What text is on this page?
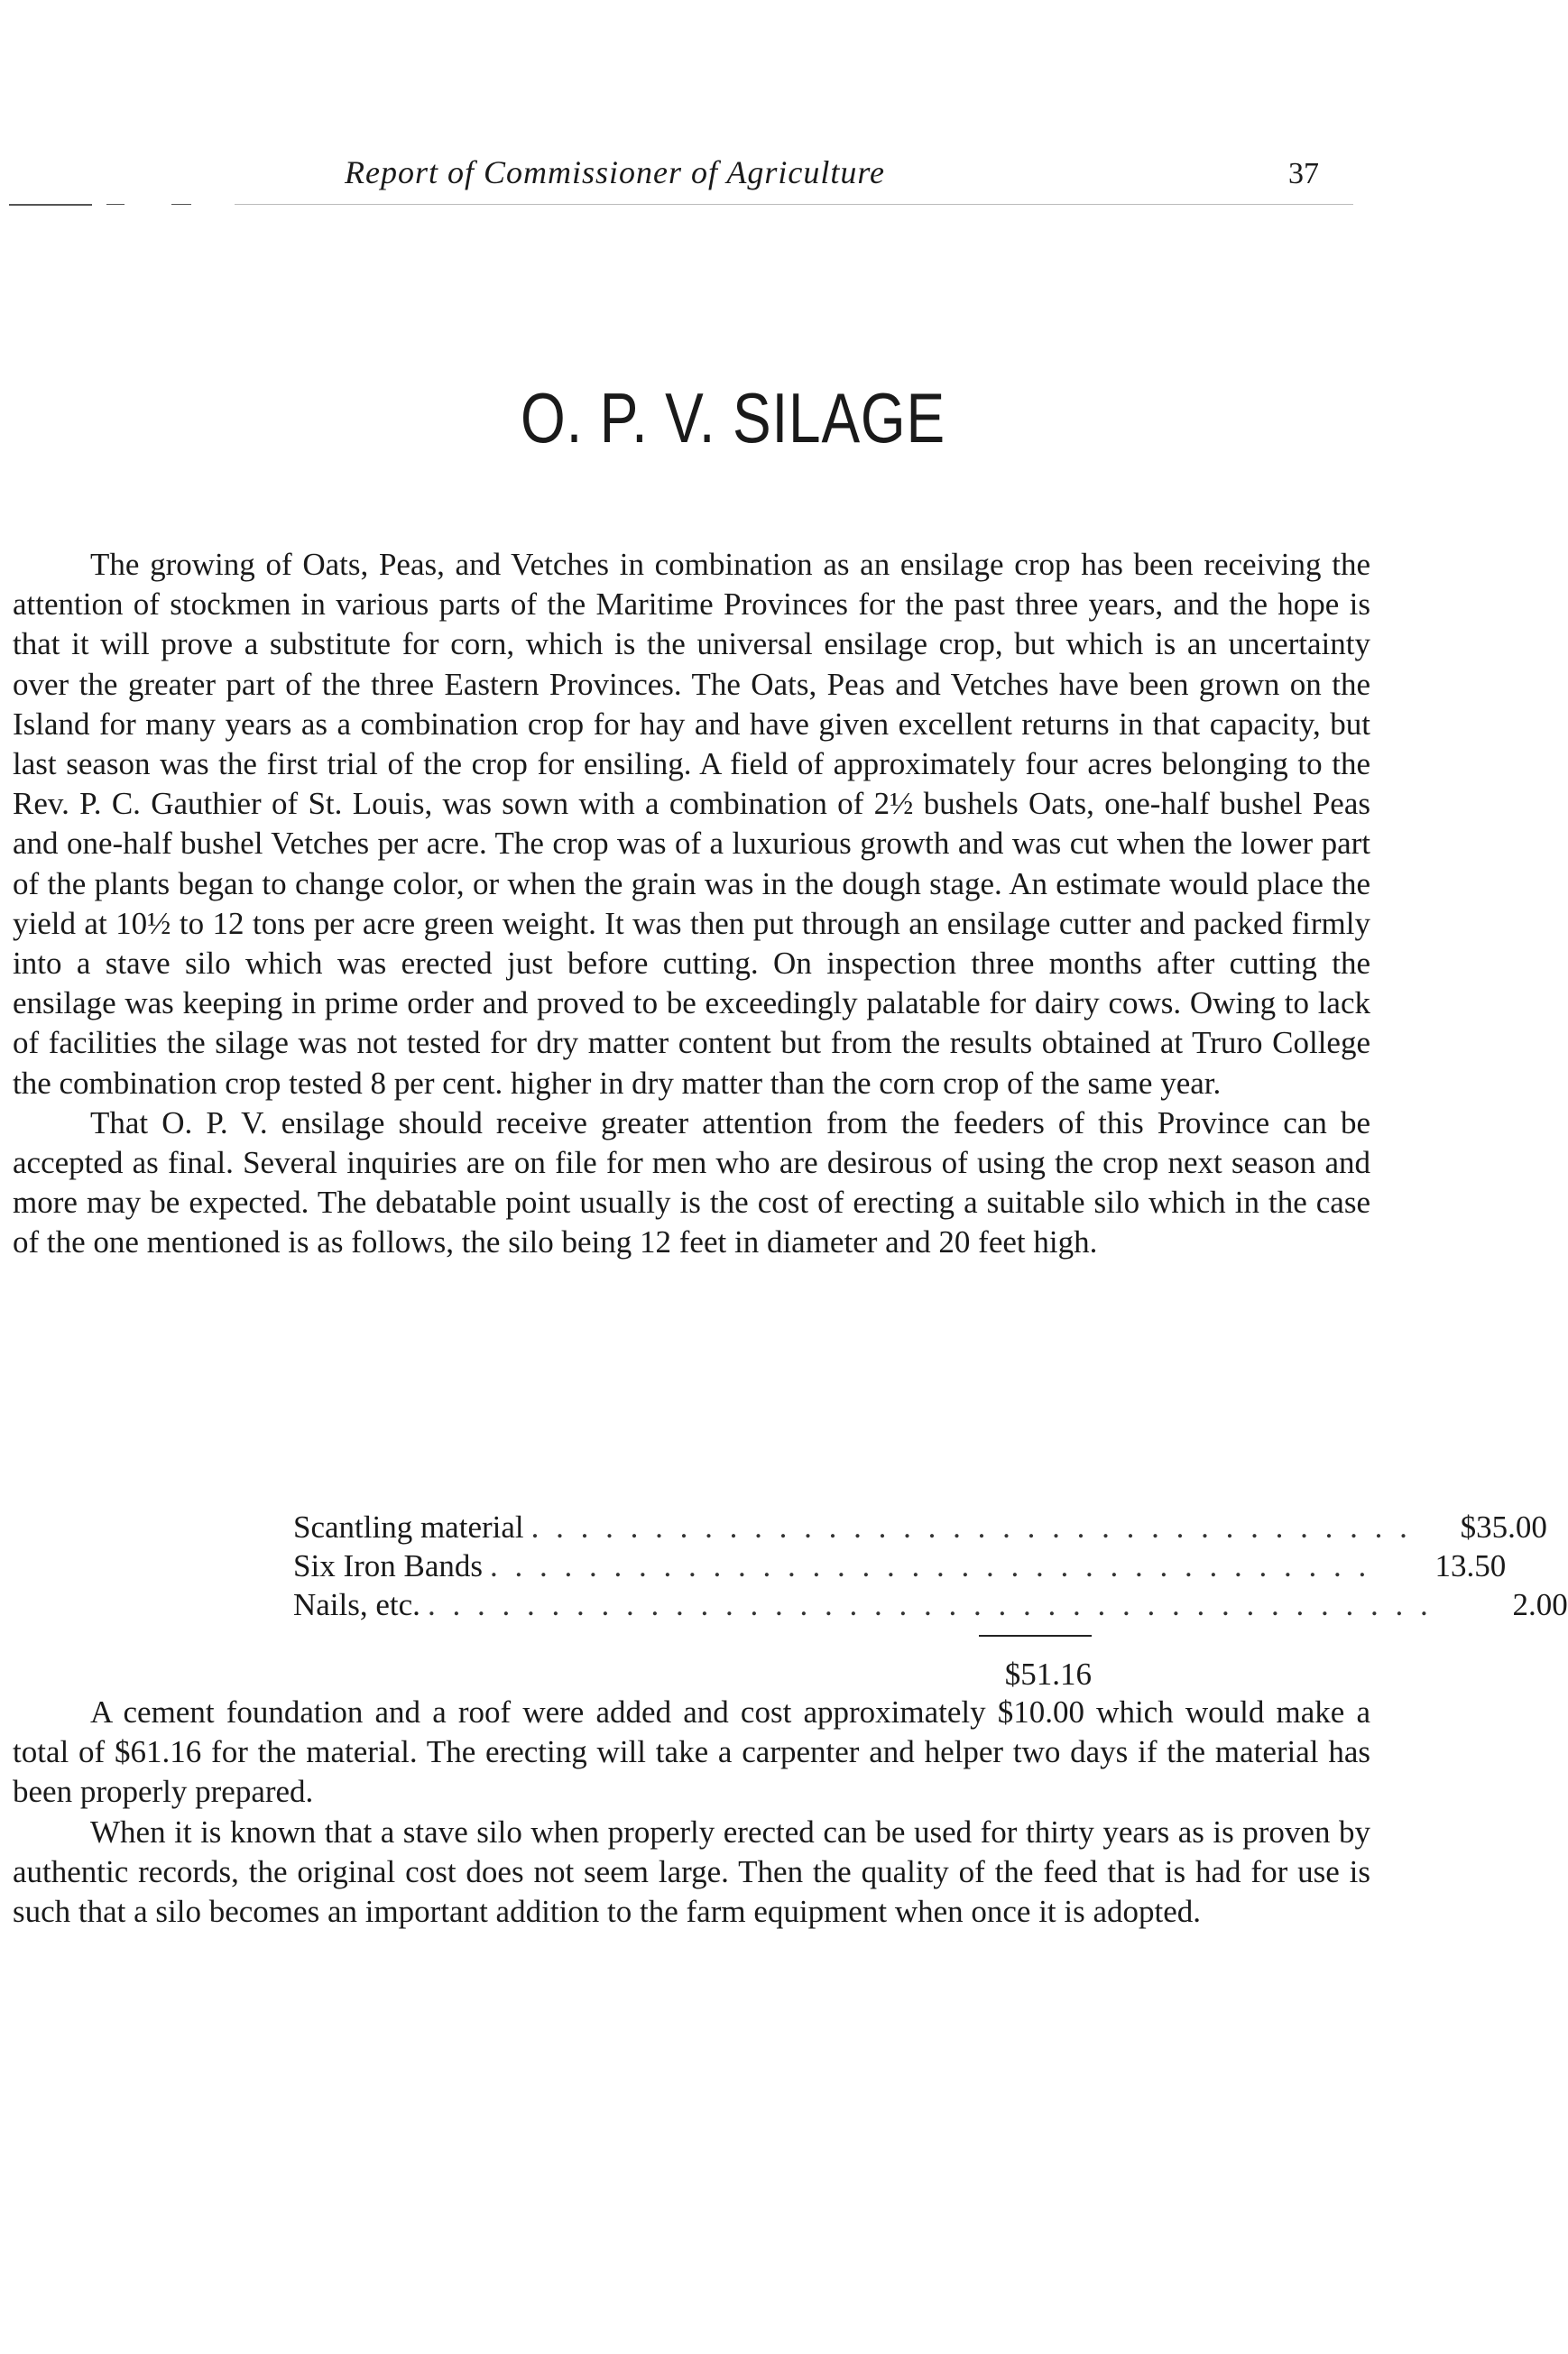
Report of Commissioner of Agriculture	37
O. P. V. SILAGE

The growing of Oats, Peas, and Vetches in combination as an ensilage crop has been receiving the attention of stockmen in various parts of the Maritime Provinces for the past three years, and the hope is that it will prove a substitute for corn, which is the universal ensilage crop, but which is an uncertainty over the greater part of the three Eastern Provinces. The Oats, Peas and Vetches have been grown on the Island for many years as a combination crop for hay and have given excellent returns in that capacity, but last season was the first trial of the crop for ensiling. A field of approximately four acres belonging to the Rev. P. C. Gauthier of St. Louis, was sown with a combination of 2½ bushels Oats, one-half bushel Peas and one-half bushel Vetches per acre. The crop was of a luxurious growth and was cut when the lower part of the plants began to change color, or when the grain was in the dough stage. An estimate would place the yield at 10½ to 12 tons per acre green weight. It was then put through an ensilage cutter and packed firmly into a stave silo which was erected just before cutting. On inspection three months after cutting the ensilage was keeping in prime order and proved to be exceedingly palatable for dairy cows. Owing to lack of facilities the silage was not tested for dry matter content but from the results obtained at Truro College the combination crop tested 8 per cent. higher in dry matter than the corn crop of the same year.

That O. P. V. ensilage should receive greater attention from the feeders of this Province can be accepted as final. Several inquiries are on file for men who are desirous of using the crop next season and more may be expected. The debatable point usually is the cost of erecting a suitable silo which in the case of the one mentioned is as follows, the silo being 12 feet in diameter and 20 feet high.

Scantling material . . . . . . . . . . . . . . . . . . . . . . . . . . . . . . . . . . . .	$35.00
Six Iron Bands . . . . . . . . . . . . . . . . . . . . . . . . . . . . . . . . . . . .	13.50
Nails, etc. . . . . . . . . . . . . . . . . . . . . . . . . . . . . . . . . . . . . . . . . .	2.00
$51.16

A cement foundation and a roof were added and cost approximately $10.00 which would make a total of $61.16 for the material. The erecting will take a carpenter and helper two days if the material has been properly prepared.

When it is known that a stave silo when properly erected can be used for thirty years as is proven by authentic records, the original cost does not seem large. Then the quality of the feed that is had for use is such that a silo becomes an important addition to the farm equipment when once it is adopted.
